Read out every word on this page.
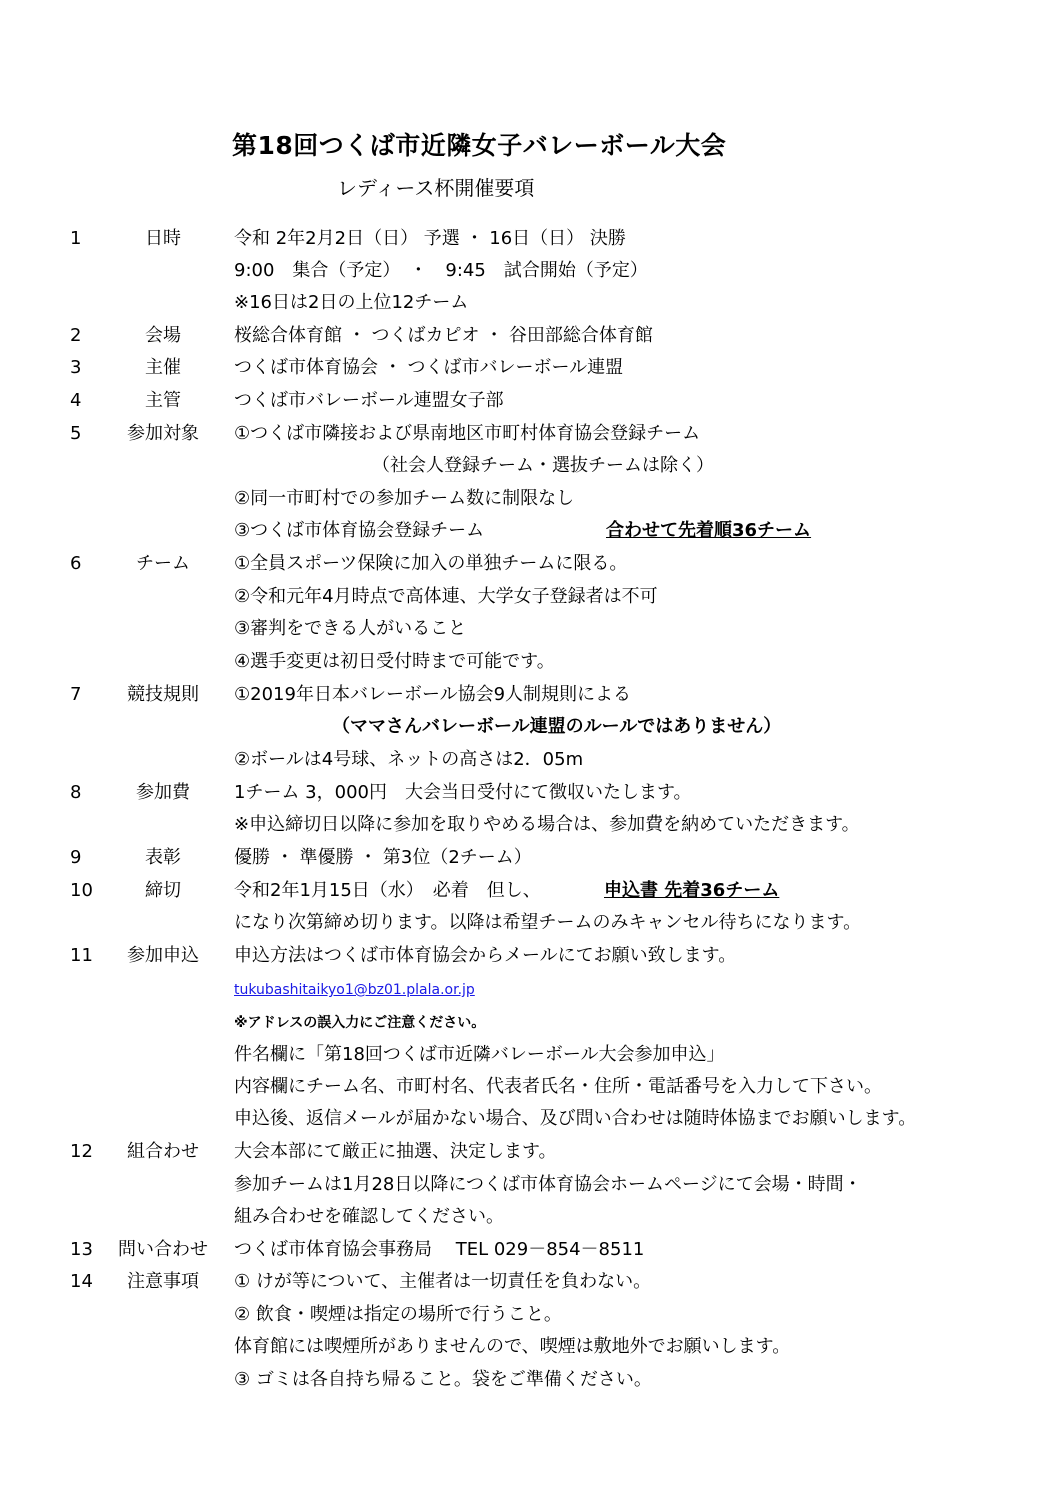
第18回つくば市近隣女子バレーボール大会
レディース杯開催要項
1	日時	令和 2年2月2日（日） 予選 ・ 16日（日） 決勝
9:00　集合（予定）　・　9:45　試合開始（予定）
※16日は2日の上位12チーム
2	会場	桜総合体育館 ・ つくばカピオ ・ 谷田部総合体育館
3	主催	つくば市体育協会 ・ つくば市バレーボール連盟
4	主管	つくば市バレーボール連盟女子部
5	参加対象	①つくば市隣接および県南地区市町村体育協会登録チーム
（社会人登録チーム・選抜チームは除く）
②同一市町村での参加チーム数に制限なし
③つくば市体育協会登録チーム	合わせて先着順36チーム
6	チーム	①全員スポーツ保険に加入の単独チームに限る。
②令和元年4月時点で高体連、大学女子登録者は不可
③審判をできる人がいること
④選手変更は初日受付時まで可能です。
7	競技規則	①2019年日本バレーボール協会9人制規則による
（ママさんバレーボール連盟のルールではありません）
②ボールは4号球、ネットの高さは2．05m
8	参加費	1チーム 3，000円　大会当日受付にて徴収いたします。
※申込締切日以降に参加を取りやめる場合は、参加費を納めていただきます。
9	表彰	優勝 ・ 準優勝 ・ 第3位（2チーム）
10	締切	令和2年1月15日（水）　必着　但し、	申込書 先着36チーム
になり次第締め切ります。以降は希望チームのみキャンセル待ちになります。
11	参加申込	申込方法はつくば市体育協会からメールにてお願い致します。
tukubashitaikyo1@bz01.plala.or.jp
※アドレスの誤入力にご注意ください。
件名欄に「第18回つくば市近隣バレーボール大会参加申込」
内容欄にチーム名、市町村名、代表者氏名・住所・電話番号を入力して下さい。
申込後、返信メールが届かない場合、及び問い合わせは随時体協までお願いします。
12	組合わせ	大会本部にて厳正に抽選、決定します。
参加チームは1月28日以降につくば市体育協会ホームページにて会場・時間・
組み合わせを確認してください。
13	問い合わせ	つくば市体育協会事務局　 TEL 029－854－8511
14	注意事項	① けが等について、主催者は一切責任を負わない。
② 飲食・喫煙は指定の場所で行うこと。
体育館には喫煙所がありませんので、喫煙は敷地外でお願いします。
③ ゴミは各自持ち帰ること。袋をご準備ください。
